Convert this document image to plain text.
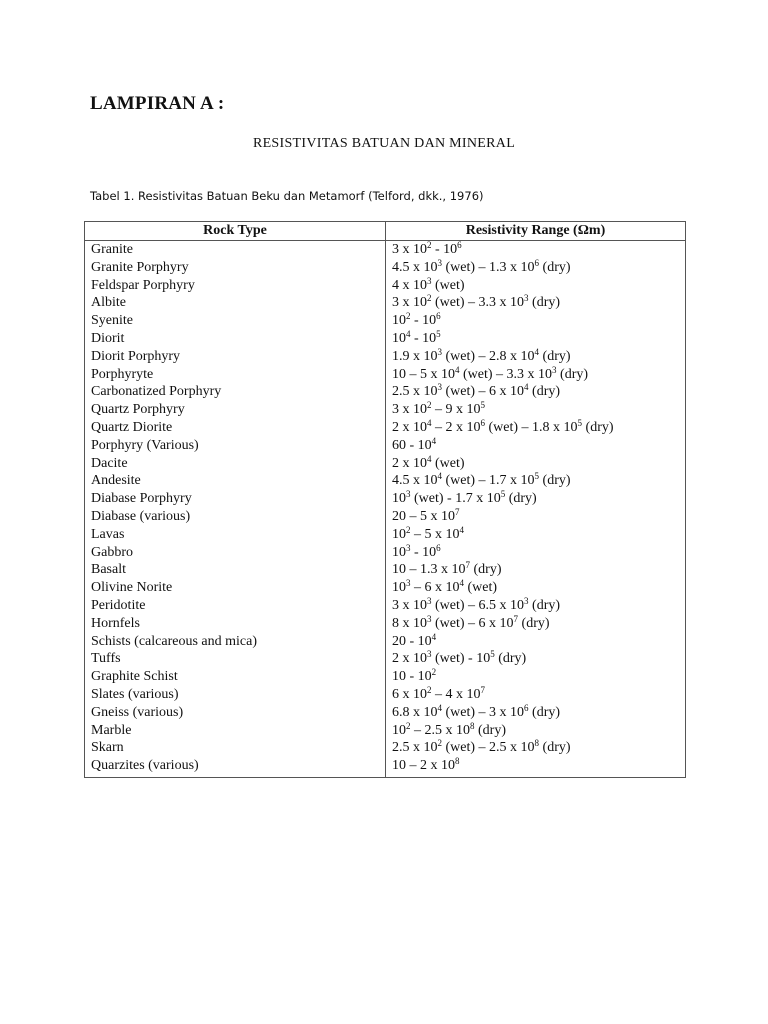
LAMPIRAN A :
RESISTIVITAS BATUAN DAN MINERAL
Tabel 1. Resistivitas Batuan Beku dan Metamorf (Telford, dkk., 1976)
Rock Type	Resistivity Range (Ωm)
Granite	3 x $10^2 - 10^6$
Granite Porphyry	4.5 x $10^3$ (wet) – 1.3 x $10^6$ (dry)
Feldspar Porphyry	4 x $10^3$ (wet)
Albite	3 x $10^2$ (wet) – 3.3 x $10^3$ (dry)
Syenite	$10^2 - 10^6$
Diorit	$10^4 - 10^5$
Diorit Porphyry	1.9 x $10^3$ (wet) – 2.8 x $10^4$ (dry)
Porphyryte	10 – 5 x $10^4$ (wet) – 3.3 x $10^3$ (dry)
Carbonatized Porphyry	2.5 x $10^3$ (wet) – 6 x $10^4$ (dry)
Quartz Porphyry	3 x $10^2 - 9$ x $10^5$
Quartz Diorite	2 x $10^4 - 2$ x $10^6$ (wet) – 1.8 x $10^5$ (dry)
Porphyry (Various)	$60 - 10^4$
Dacite	2 x $10^4$ (wet)
Andesite	4.5 x $10^4$ (wet) – 1.7 x $10^5$ (dry)
Diabase Porphyry	$10^3$ (wet) - 1.7 x $10^5$ (dry)
Diabase (various)	20 – 5 x $10^7$
Lavas	$10^2 - 5$ x $10^4$
Gabbro	$10^3 - 10^6$
Basalt	10 – 1.3 x $10^7$ (dry)
Olivine Norite	$10^3 - 6$ x $10^4$ (wet)
Peridotite	3 x $10^3$ (wet) – 6.5 x $10^3$ (dry)
Hornfels	8 x $10^3$ (wet) – 6 x $10^7$ (dry)
Schists (calcareous and mica)	$20 - 10^4$
Tuffs	2 x $10^3$ $(wet) - 10^5$ (dry)
Graphite Schist	$10 - 10^2$
Slates (various)	6 x $10^2 - 4$ x $10^7$
Gneiss (various)	6.8 x $10^4$ (wet) – 3 x $10^6$ (dry)
Marble	$10^2 - 2.5$ x $10^8$ (dry)
Skarn	2.5 x $10^2$ (wet) – 2.5 x $10^8$ (dry)
Quarzites (various)	10 – 2 x $10^8$
